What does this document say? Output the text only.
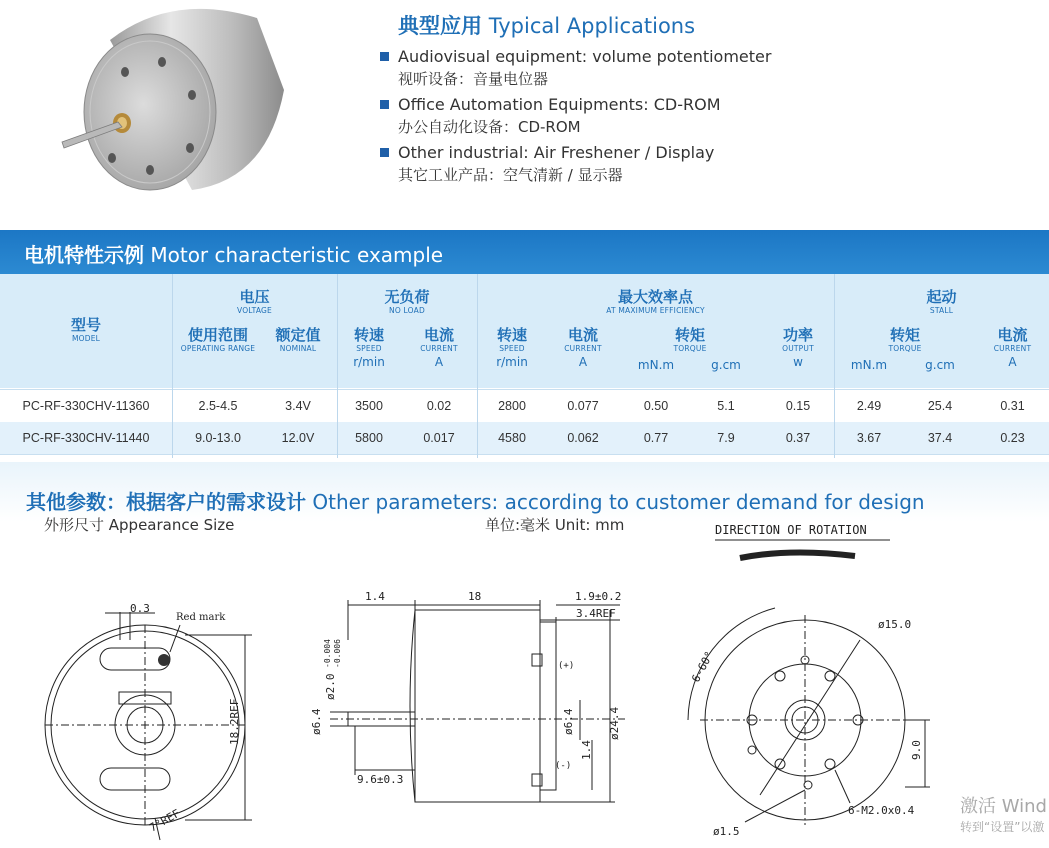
典型应用 Typical Applications
Audiovisual equipment: volume potentiometer
视听设备：音量电位器
Office Automation Equipments: CD-ROM
办公自动化设备：CD-ROM
Other industrial: Air Freshener / Display
其它工业产品：空气清新 / 显示器
电机特性示例 Motor characteristic example
型号
MODEL
电压
VOLTAGE
使用范围
OPERATING RANGE
额定值
NOMINAL
无负荷
NO LOAD
转速
SPEED
r/min
电流
CURRENT
A
最大效率点
AT MAXIMUM EFFICIENCY
转速
SPEED
r/min
电流
CURRENT
A
转矩
TORQUE
mN.m	g.cm
功率
OUTPUT
w
起动
STALL
转矩
TORQUE
mN.m	g.cm
电流
CURRENT
A
PC-RF-330CHV-11360	2.5-4.5	3.4V	3500	0.02	2800	0.077	0.50	5.1	0.15	2.49	25.4	0.31
PC-RF-330CHV-11440	9.0-13.0	12.0V	5800	0.017	4580	0.062	0.77	7.9	0.37	3.67	37.4	0.23
其他参数：根据客户的需求设计 Other parameters: according to customer demand for design
外形尺寸 Appearance Size	单位:毫米 Unit: mm
0.3
Red mark
18.2REF
7°REF
1.4	18	1.9±0.2
3.4REF
ø2.0
-0.004 -0.006
ø6.4	ø6.4	ø24.4
1.4
9.6±0.3
(+)
(-)
DIRECTION OF ROTATION
6-60°
ø15.0
9.0
6-M2.0x0.4
ø1.5
激活 Wind
转到“设置”以激
